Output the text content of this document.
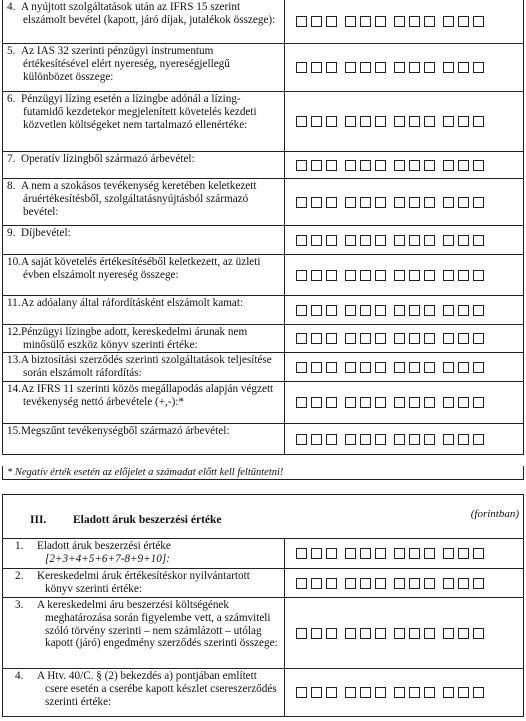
4. A nyújtott szolgáltatások után az IFRS 15 szerint elszámolt bevétel (kapott, járó díjak, jutalékok összege):
5. Az IAS 32 szerinti pénzügyi instrumentum értékesítésével elért nyereség, nyereségjellegű különbözet összege:
6. Pénzügyi lízing esetén a lízingbe adónál a lízing-futamidő kezdetekor megjelenített követelés kezdeti közvetlen költségeket nem tartalmazó ellenértéke:
7. Operatív lízingből származó árbevétel:
8. A nem a szokásos tevékenység keretében keletkezett áruértékesítésből, szolgáltatásnyújtásból származó bevétel:
9. Díjbevétel:
10.A saját követelés értékesítéséből keletkezett, az üzleti évben elszámolt nyereség összege:
11.Az adóalany által ráfordításként elszámolt kamat:
12.Pénzügyi lízingbe adott, kereskedelmi árunak nem minősülő eszköz könyv szerinti értéke:
13.A biztosítási szerződés szerinti szolgáltatások teljesítése során elszámolt ráfordítás:
14.Az IFRS 11 szerinti közös megállapodás alapján végzett tevékenység nettó árbevétele (+,-):*
15.Megszűnt tevékenységből származó árbevétel:
* Negatív érték esetén az előjelet a számadat előtt kell feltüntetni!
III. Eladott áruk beszerzési értéke	(forintban)
1. Eladott áruk beszerzési értéke
[2+3+4+5+6+7-8+9+10]:
2. Kereskedelmi áruk értékesítéskor nyilvántartott könyv szerinti értéke:
3. A kereskedelmi áru beszerzési költségének meghatározása során figyelembe vett, a számviteli szóló törvény szerinti – nem számlázott – utólag kapott (járó) engedmény szerződés szerinti összege:
4. A Htv. 40/C. § (2) bekezdés a) pontjában említett csere esetén a cserébe kapott készlet csereszerződés szerinti értéke:
